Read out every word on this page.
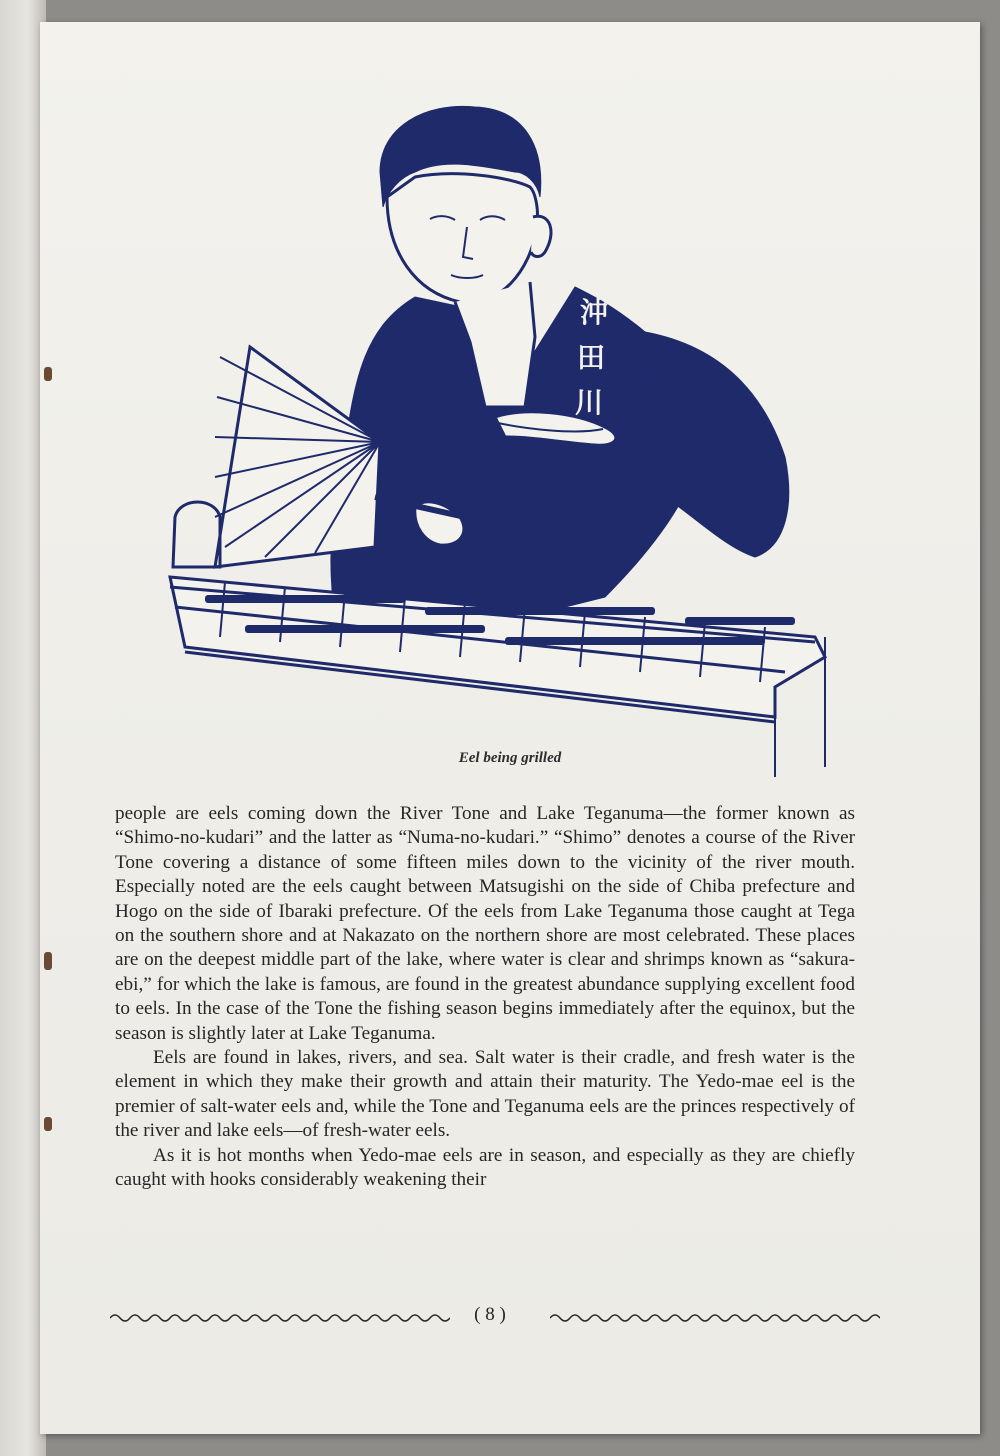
沖
田
川
Eel being grilled

people are eels coming down the River Tone and Lake Teganuma—the former known as “Shimo-no-kudari” and the latter as “Numa-no-kudari.” “Shimo” denotes a course of the River Tone covering a distance of some fifteen miles down to the vicinity of the river mouth. Especially noted are the eels caught between Matsugishi on the side of Chiba prefecture and Hogo on the side of Ibaraki prefecture. Of the eels from Lake Teganuma those caught at Tega on the southern shore and at Nakazato on the northern shore are most celebrated. These places are on the deepest middle part of the lake, where water is clear and shrimps known as “sakura-ebi,” for which the lake is famous, are found in the greatest abundance supplying excellent food to eels. In the case of the Tone the fishing season begins immediately after the equinox, but the season is slightly later at Lake Teganuma.

Eels are found in lakes, rivers, and sea. Salt water is their cradle, and fresh water is the element in which they make their growth and attain their maturity. The Yedo-mae eel is the premier of salt-water eels and, while the Tone and Teganuma eels are the princes respectively of the river and lake eels—of fresh-water eels.

As it is hot months when Yedo-mae eels are in season, and especially as they are chiefly caught with hooks considerably weakening their

( 8 )
